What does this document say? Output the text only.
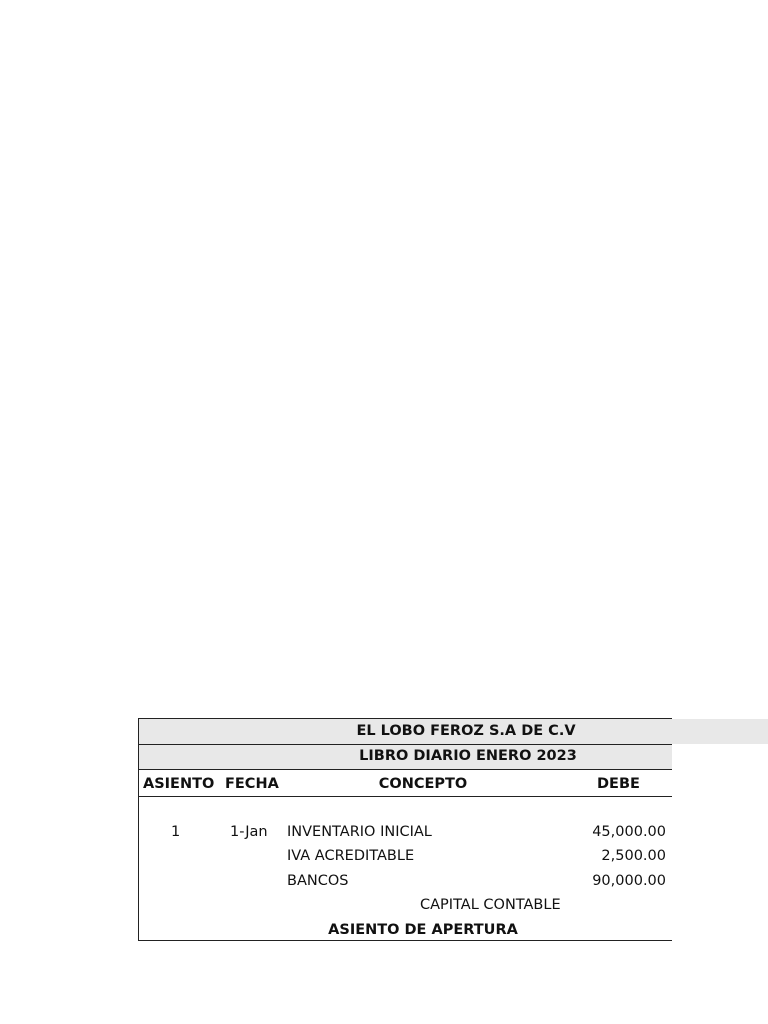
EL LOBO FEROZ S.A DE C.V
LIBRO DIARIO ENERO 2023
ASIENTO FECHA	CONCEPTO	DEBE
1	1-Jan INVENTARIO INICIAL	45,000.00
IVA ACREDITABLE	2,500.00
BANCOS	90,000.00
CAPITAL CONTABLE
ASIENTO DE APERTURA
